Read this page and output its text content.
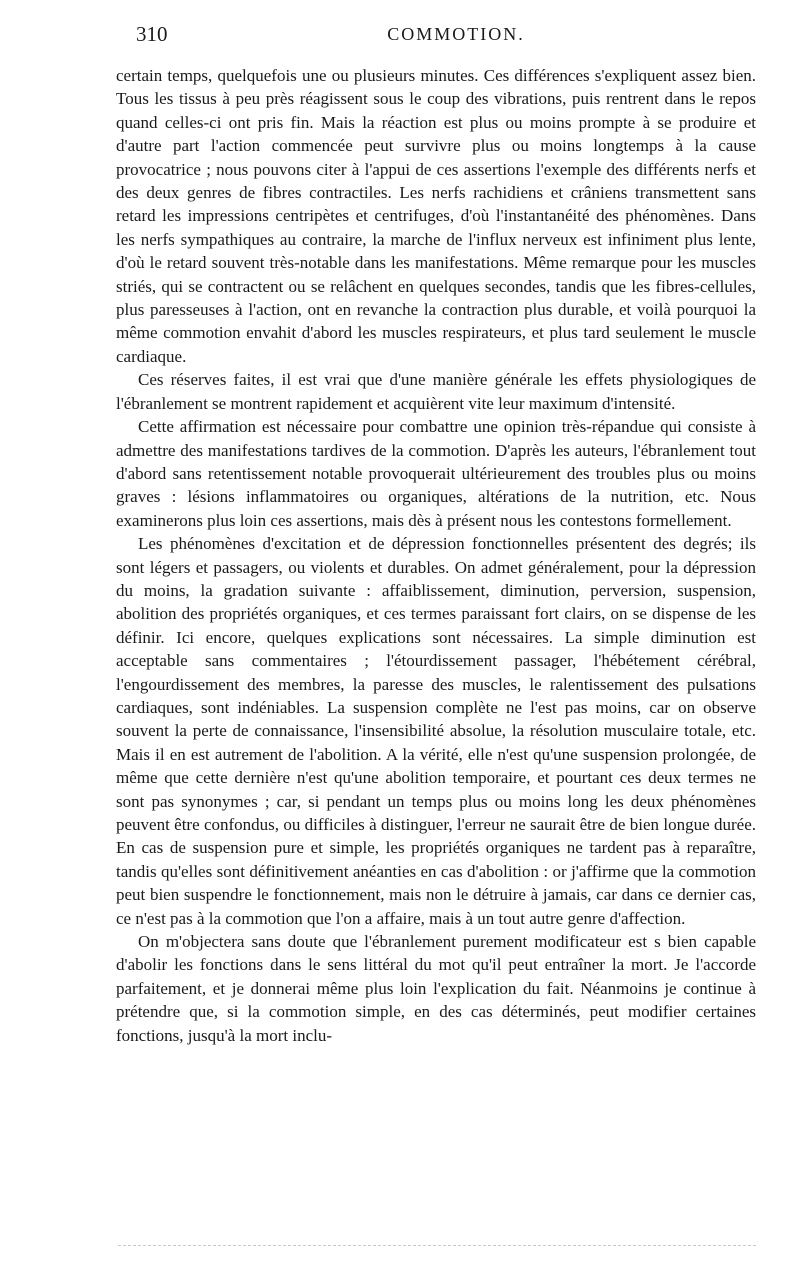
310	COMMOTION.

certain temps, quelquefois une ou plusieurs minutes. Ces différences s'expliquent assez bien. Tous les tissus à peu près réagissent sous le coup des vibrations, puis rentrent dans le repos quand celles-ci ont pris fin. Mais la réaction est plus ou moins prompte à se produire et d'autre part l'action commencée peut survivre plus ou moins longtemps à la cause provocatrice ; nous pouvons citer à l'appui de ces assertions l'exemple des différents nerfs et des deux genres de fibres contractiles. Les nerfs rachidiens et crâniens transmettent sans retard les impressions centripètes et centrifuges, d'où l'instantanéité des phénomènes. Dans les nerfs sympathiques au contraire, la marche de l'influx nerveux est infiniment plus lente, d'où le retard souvent très-notable dans les manifestations. Même remarque pour les muscles striés, qui se contractent ou se relâchent en quelques secondes, tandis que les fibres-cellules, plus paresseuses à l'action, ont en revanche la contraction plus durable, et voilà pourquoi la même commotion envahit d'abord les muscles respirateurs, et plus tard seulement le muscle cardiaque.

Ces réserves faites, il est vrai que d'une manière générale les effets physiologiques de l'ébranlement se montrent rapidement et acquièrent vite leur maximum d'intensité.

Cette affirmation est nécessaire pour combattre une opinion très-répandue qui consiste à admettre des manifestations tardives de la commotion. D'après les auteurs, l'ébranlement tout d'abord sans retentissement notable provoquerait ultérieurement des troubles plus ou moins graves : lésions inflammatoires ou organiques, altérations de la nutrition, etc. Nous examinerons plus loin ces assertions, mais dès à présent nous les contestons formellement.

Les phénomènes d'excitation et de dépression fonctionnelles présentent des degrés; ils sont légers et passagers, ou violents et durables. On admet généralement, pour la dépression du moins, la gradation suivante : affaiblissement, diminution, perversion, suspension, abolition des propriétés organiques, et ces termes paraissant fort clairs, on se dispense de les définir. Ici encore, quelques explications sont nécessaires. La simple diminution est acceptable sans commentaires ; l'étourdissement passager, l'hébétement cérébral, l'engourdissement des membres, la paresse des muscles, le ralentissement des pulsations cardiaques, sont indéniables. La suspension complète ne l'est pas moins, car on observe souvent la perte de connaissance, l'insensibilité absolue, la résolution musculaire totale, etc. Mais il en est autrement de l'abolition. A la vérité, elle n'est qu'une suspension prolongée, de même que cette dernière n'est qu'une abolition temporaire, et pourtant ces deux termes ne sont pas synonymes ; car, si pendant un temps plus ou moins long les deux phénomènes peuvent être confondus, ou difficiles à distinguer, l'erreur ne saurait être de bien longue durée. En cas de suspension pure et simple, les propriétés organiques ne tardent pas à reparaître, tandis qu'elles sont définitivement anéanties en cas d'abolition : or j'affirme que la commotion peut bien suspendre le fonctionnement, mais non le détruire à jamais, car dans ce dernier cas, ce n'est pas à la commotion que l'on a affaire, mais à un tout autre genre d'affection.

On m'objectera sans doute que l'ébranlement purement modificateur est s bien capable d'abolir les fonctions dans le sens littéral du mot qu'il peut entraîner la mort. Je l'accorde parfaitement, et je donnerai même plus loin l'explication du fait. Néanmoins je continue à prétendre que, si la commotion simple, en des cas déterminés, peut modifier certaines fonctions, jusqu'à la mort inclu-
